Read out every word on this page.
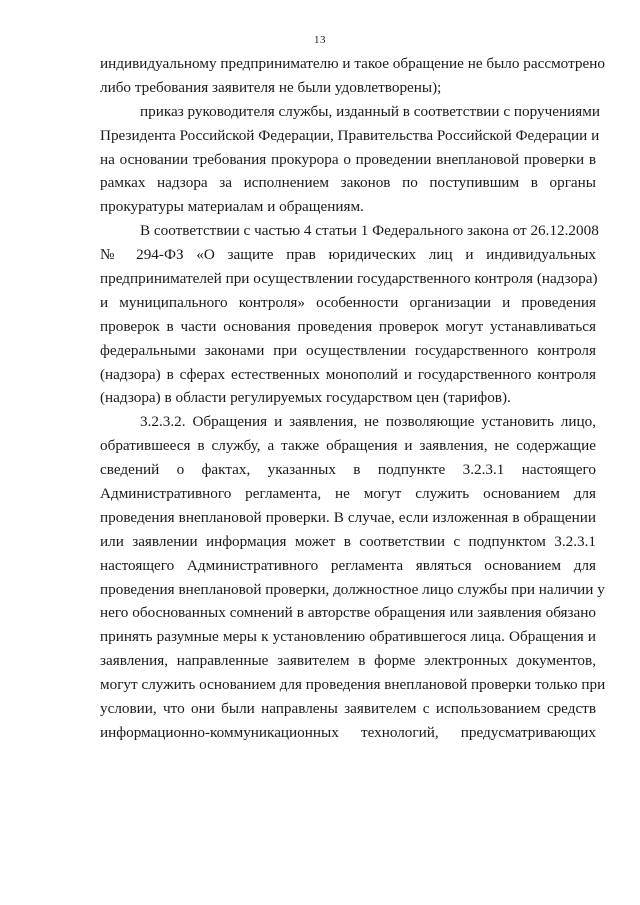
13
индивидуальному предпринимателю и такое обращение не было рассмотрено
либо требования заявителя не были удовлетворены);
приказ руководителя службы, изданный в соответствии с поручениями
Президента Российской Федерации, Правительства Российской Федерации и
на основании требования прокурора о проведении внеплановой проверки в
рамках надзора за исполнением законов по поступившим в органы
прокуратуры материалам и обращениям.
В соответствии с частью 4 статьи 1 Федерального закона от 26.12.2008
№ 294-ФЗ «О защите прав юридических лиц и индивидуальных
предпринимателей при осуществлении государственного контроля (надзора)
и муниципального контроля» особенности организации и проведения
проверок в части основания проведения проверок могут устанавливаться
федеральными законами при осуществлении государственного контроля
(надзора) в сферах естественных монополий и государственного контроля
(надзора) в области регулируемых государством цен (тарифов).
3.2.3.2. Обращения и заявления, не позволяющие установить лицо,
обратившееся в службу, а также обращения и заявления, не содержащие
сведений о фактах, указанных в подпункте 3.2.3.1 настоящего
Административного регламента, не могут служить основанием для
проведения внеплановой проверки. В случае, если изложенная в обращении
или заявлении информация может в соответствии с подпунктом 3.2.3.1
настоящего Административного регламента являться основанием для
проведения внеплановой проверки, должностное лицо службы при наличии у
него обоснованных сомнений в авторстве обращения или заявления обязано
принять разумные меры к установлению обратившегося лица. Обращения и
заявления, направленные заявителем в форме электронных документов,
могут служить основанием для проведения внеплановой проверки только при
условии, что они были направлены заявителем с использованием средств
информационно-коммуникационных технологий, предусматривающих
